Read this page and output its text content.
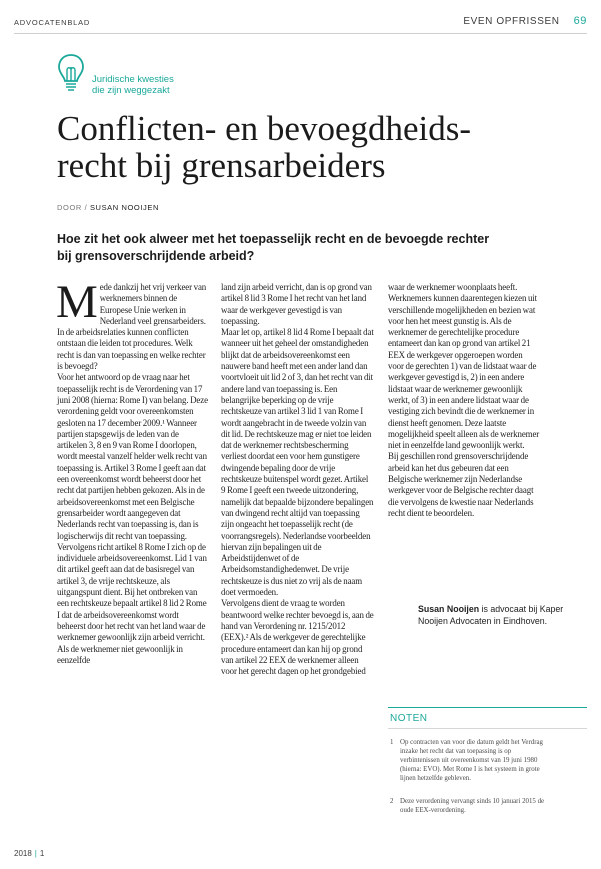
ADVOCATENBLAD	EVEN OPFRISSEN 69
Juridische kwesties
die zijn weggezakt
Conflicten- en bevoegdheids-
recht bij grensarbeiders
DOOR / SUSAN NOOIJEN
Hoe zit het ook alweer met het toepasselijk recht en de bevoegde rechter bij grensoverschrijdende arbeid?
M ede dankzij het vrij verkeer van werknemers binnen de Europese Unie werken in Nederland veel grensarbeiders. In de arbeidsrelaties kunnen conflicten ontstaan die leiden tot procedures. Welk recht is dan van toepassing en welke rechter is bevoegd?

Voor het antwoord op de vraag naar het toepasselijk recht is de Verordening van 17 juni 2008 (hierna: Rome I) van belang. Deze verordening geldt voor overeenkomsten gesloten na 17 december 2009.¹ Wanneer partijen stapsgewijs de leden van de artikelen 3, 8 en 9 van Rome I doorlopen, wordt meestal vanzelf helder welk recht van toepassing is. Artikel 3 Rome I geeft aan dat een overeenkomst wordt beheerst door het recht dat partijen hebben gekozen. Als in de arbeidsovereenkomst met een Belgische grensarbeider wordt aangegeven dat Nederlands recht van toepassing is, dan is logischerwijs dit recht van toepassing.

Vervolgens richt artikel 8 Rome I zich op de individuele arbeidsovereenkomst. Lid 1 van dit artikel geeft aan dat de basisregel van artikel 3, de vrije rechtskeuze, als uitgangspunt dient. Bij het ontbreken van een rechtskeuze bepaalt artikel 8 lid 2 Rome I dat de arbeidsovereenkomst wordt beheerst door het recht van het land waar de werknemer gewoonlijk zijn arbeid verricht. Als de werknemer niet gewoonlijk in eenzelfde

land zijn arbeid verricht, dan is op grond van artikel 8 lid 3 Rome I het recht van het land waar de werkgever gevestigd is van toepassing.

Maar let op, artikel 8 lid 4 Rome I bepaalt dat wanneer uit het geheel der omstandigheden blijkt dat de arbeidsovereenkomst een nauwere band heeft met een ander land dan voortvloeit uit lid 2 of 3, dan het recht van dit andere land van toepassing is. Een belangrijke beperking op de vrije rechtskeuze van artikel 3 lid 1 van Rome I wordt aangebracht in de tweede volzin van dit lid. De rechtskeuze mag er niet toe leiden dat de werknemer rechtsbescherming verliest doordat een voor hem gunstigere dwingende bepaling door de vrije rechtskeuze buitenspel wordt gezet. Artikel 9 Rome I geeft een tweede uitzondering, namelijk dat bepaalde bijzondere bepalingen van dwingend recht altijd van toepassing zijn ongeacht het toepasselijk recht (de voorrangsregels). Nederlandse voorbeelden hiervan zijn bepalingen uit de Arbeidstijdenwet of de Arbeidsomstandighedenwet. De vrije rechtskeuze is dus niet zo vrij als de naam doet vermoeden.

Vervolgens dient de vraag te worden beantwoord welke rechter bevoegd is, aan de hand van Verordening nr. 1215/2012 (EEX).² Als de werkgever de gerechtelijke procedure entameert dan kan hij op grond van artikel 22 EEX de werknemer alleen voor het gerecht dagen op het grondgebied

waar de werknemer woonplaats heeft. Werknemers kunnen daarentegen kiezen uit verschillende mogelijkheden en bezien wat voor hen het meest gunstig is. Als de werknemer de gerechtelijke procedure entameert dan kan op grond van artikel 21 EEX de werkgever opgeroepen worden voor de gerechten 1) van de lidstaat waar de werkgever gevestigd is, 2) in een andere lidstaat waar de werknemer gewoonlijk werkt, of 3) in een andere lidstaat waar de vestiging zich bevindt die de werknemer in dienst heeft genomen. Deze laatste mogelijkheid speelt alleen als de werknemer niet in eenzelfde land gewoonlijk werkt.

Bij geschillen rond grensoverschrijdende arbeid kan het dus gebeuren dat een Belgische werknemer zijn Nederlandse werkgever voor de Belgische rechter daagt die vervolgens de kwestie naar Nederlands recht dient te beoordelen.

Susan Nooijen is advocaat bij Kaper Nooijen Advocaten in Eindhoven.
NOTEN
1 Op contracten van voor die datum geldt het Verdrag inzake het recht dat van toepassing is op verbintenissen uit overeenkomst van 19 juni 1980 (hierna: EVO). Met Rome I is het systeem in grote lijnen hetzelfde gebleven.
2 Deze verordening vervangt sinds 10 januari 2015 de oude EEX-verordening.
2018 | 1
